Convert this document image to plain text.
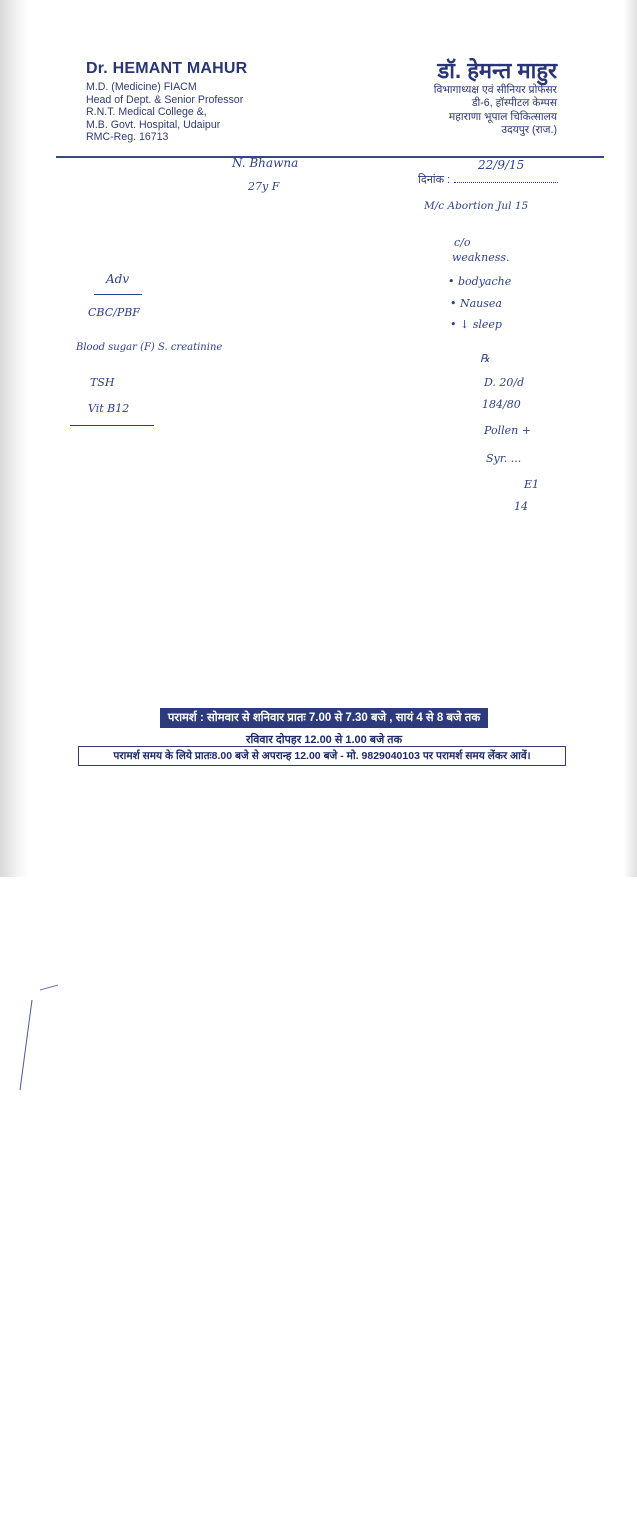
Dr. HEMANT MAHUR
M.D. (Medicine) FIACM
Head of Dept. & Senior Professor
R.N.T. Medical College &,
M.B. Govt. Hospital, Udaipur
RMC-Reg. 16713
डॉ. हेमन्त माहुर
विभागाध्यक्ष एवं सीनियर प्रोफेसर
डी-6, हॉस्पीटल केम्पस
महाराणा भूपाल चिकित्सालय
उदयपुर (राज.)
दिनांक :
N. Bhawna
27y F
22/9/15
M/c Abortion Jul 15
c/o
weakness.
• bodyache
• Nausea
• ↓ sleep
Adv
CBC/PBF
Blood sugar (F) S. creatinine
TSH
Vit B12
℞
D. 20/d
184/80
Pollen +
Syr. ...
E1
14
परामर्श : सोमवार से शनिवार प्रातः 7.00 से 7.30 बजे , सायं 4 से 8 बजे तक
रविवार दोपहर 12.00 से 1.00 बजे तक
परामर्श समय के लिये प्रातः8.00 बजे से अपरान्ह 12.00 बजे - मो. 9829040103 पर परामर्श समय लेंकर आवें।
